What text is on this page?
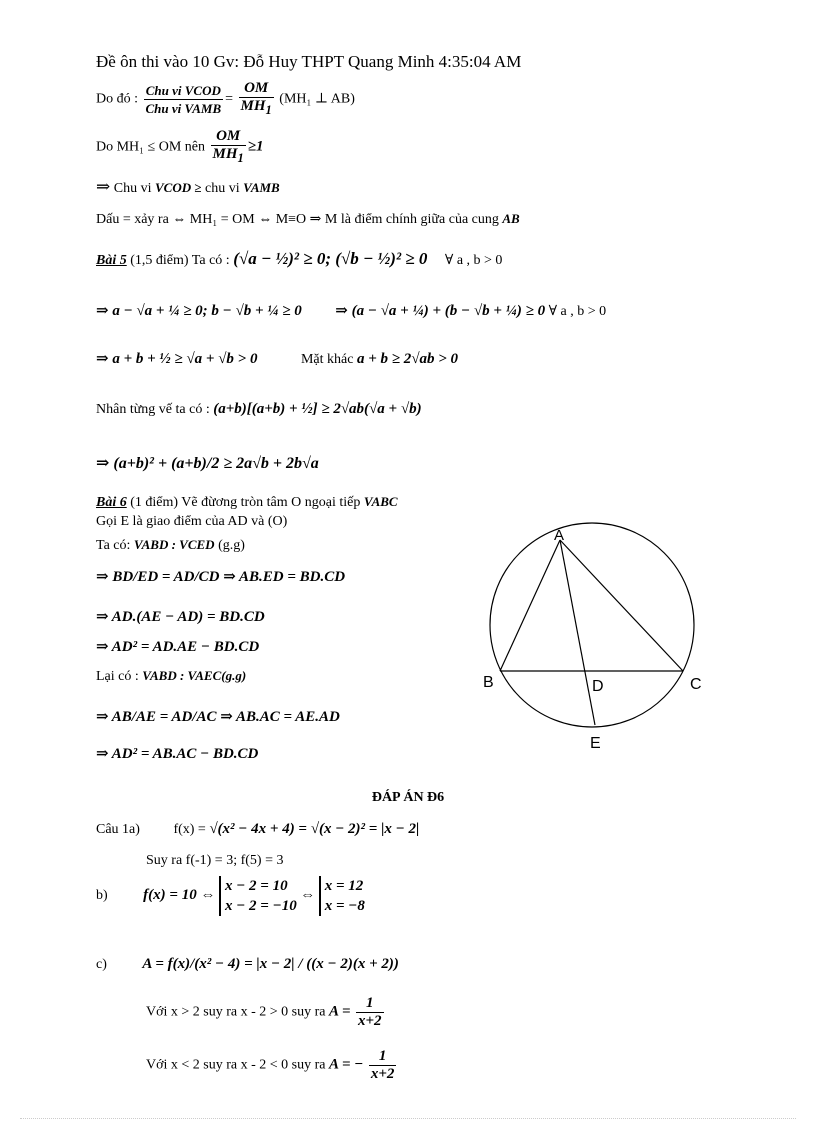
Đề ôn thi vào 10 Gv: Đỗ Huy THPT Quang Minh 4:35:04 AM
Do đó : $\frac{\text{Chu vi VCOD}}{\text{Chu vi VAMB}} = \frac{OM}{MH_1} (MH_1$ ⊥ AB)
Do MH₁ ≤ OM nên $\frac{OM}{MH_1} \ge 1$
⇒ Chu vi VCOD ≥ chu vi VAMB
Dấu = xảy ra ⇔ MH₁ = OM ⇔ M≡O ⇒ M là điểm chính giữa của cung AB
Bài 5 (1,5 điểm) Ta có : (√a − ½)² ≥ 0; (√b − ½)² ≥ 0 ∀ a , b > 0
⇒ a − √a + ¼ ≥ 0; b − √b + ¼ ≥ 0 ⇒ (a − √a + ¼) + (b − √b + ¼) ≥ 0 ∀ a , b > 0
⇒ a + b + ½ ≥ √a + √b > 0	Mặt khác a + b ≥ 2√ab > 0
Nhân từng vế ta có : (a+b)[(a+b) + ½] ≥ 2√ab(√a + √b)
⇒ (a+b)² + (a+b)/2 ≥ 2a√b + 2b√a
Bài 6 (1 điểm) Vẽ đừơng tròn tâm O ngoại tiếp VABC
Gọi E là giao điểm của AD và (O)
Ta có: VABD : VCED (g.g)
⇒ BD/ED = AD/CD ⇒ AB.ED = BD.CD
⇒ AD.(AE − AD) = BD.CD
⇒ AD² = AD.AE − BD.CD
Lại có : VABD : VAEC(g.g)
⇒ AB/AE = AD/AC ⇒ AB.AC = AE.AD
⇒ AD² = AB.AC − BD.CD
A
B	C
D
E
ĐÁP ÁN Đ6
Câu 1a) f(x) = √(x² − 4x + 4) = √(x − 2)² = |x − 2|
Suy ra f(-1) = 3; f(5) = 3
b) f(x) = 10 ⇔ x − 2 = 10
x − 2 = −10 ⇔ x = 12
x = −8
c) A = f(x)/(x² − 4) = |x − 2| / ((x − 2)(x + 2))
Với x > 2 suy ra x - 2 > 0 suy ra $A = \frac{1}{x+2}$
Với x < 2 suy ra x - 2 < 0 suy ra A = − $\frac{1}{x+2}$
